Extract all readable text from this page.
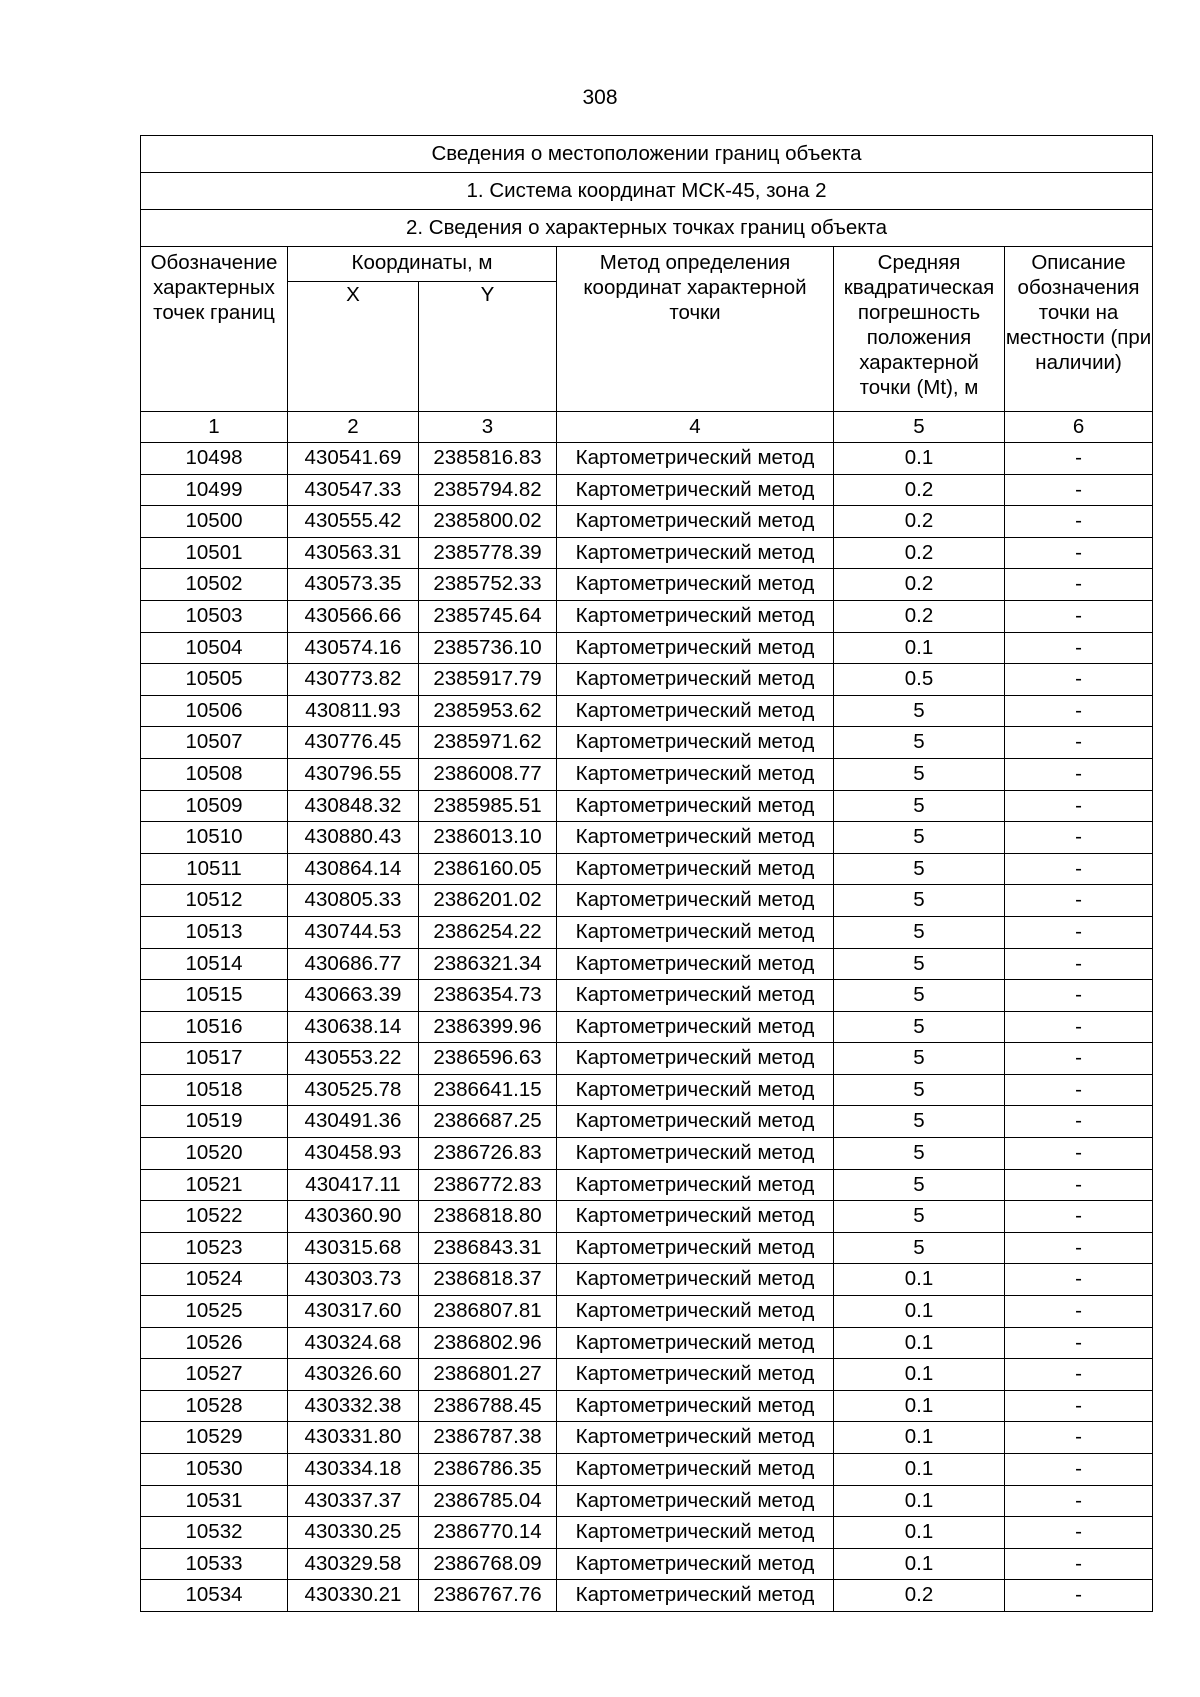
308
Сведения о местоположении границ объекта					
1. Система координат МСК-45, зона 2					
2. Сведения о характерных точках границ объекта					
Обозначение характерных точек границ	Координаты, м		Метод определения координат характерной точки	Средняя квадратическая погрешность положения характерной точки (Mt), м	Описание обозначения точки на местности (при наличии)
	X	Y			
1	2	3	4	5	6
10498	430541.69	2385816.83	Картометрический метод	0.1	-
10499	430547.33	2385794.82	Картометрический метод	0.2	-
10500	430555.42	2385800.02	Картометрический метод	0.2	-
10501	430563.31	2385778.39	Картометрический метод	0.2	-
10502	430573.35	2385752.33	Картометрический метод	0.2	-
10503	430566.66	2385745.64	Картометрический метод	0.2	-
10504	430574.16	2385736.10	Картометрический метод	0.1	-
10505	430773.82	2385917.79	Картометрический метод	0.5	-
10506	430811.93	2385953.62	Картометрический метод	5	-
10507	430776.45	2385971.62	Картометрический метод	5	-
10508	430796.55	2386008.77	Картометрический метод	5	-
10509	430848.32	2385985.51	Картометрический метод	5	-
10510	430880.43	2386013.10	Картометрический метод	5	-
10511	430864.14	2386160.05	Картометрический метод	5	-
10512	430805.33	2386201.02	Картометрический метод	5	-
10513	430744.53	2386254.22	Картометрический метод	5	-
10514	430686.77	2386321.34	Картометрический метод	5	-
10515	430663.39	2386354.73	Картометрический метод	5	-
10516	430638.14	2386399.96	Картометрический метод	5	-
10517	430553.22	2386596.63	Картометрический метод	5	-
10518	430525.78	2386641.15	Картометрический метод	5	-
10519	430491.36	2386687.25	Картометрический метод	5	-
10520	430458.93	2386726.83	Картометрический метод	5	-
10521	430417.11	2386772.83	Картометрический метод	5	-
10522	430360.90	2386818.80	Картометрический метод	5	-
10523	430315.68	2386843.31	Картометрический метод	5	-
10524	430303.73	2386818.37	Картометрический метод	0.1	-
10525	430317.60	2386807.81	Картометрический метод	0.1	-
10526	430324.68	2386802.96	Картометрический метод	0.1	-
10527	430326.60	2386801.27	Картометрический метод	0.1	-
10528	430332.38	2386788.45	Картометрический метод	0.1	-
10529	430331.80	2386787.38	Картометрический метод	0.1	-
10530	430334.18	2386786.35	Картометрический метод	0.1	-
10531	430337.37	2386785.04	Картометрический метод	0.1	-
10532	430330.25	2386770.14	Картометрический метод	0.1	-
10533	430329.58	2386768.09	Картометрический метод	0.1	-
10534	430330.21	2386767.76	Картометрический метод	0.2	-
